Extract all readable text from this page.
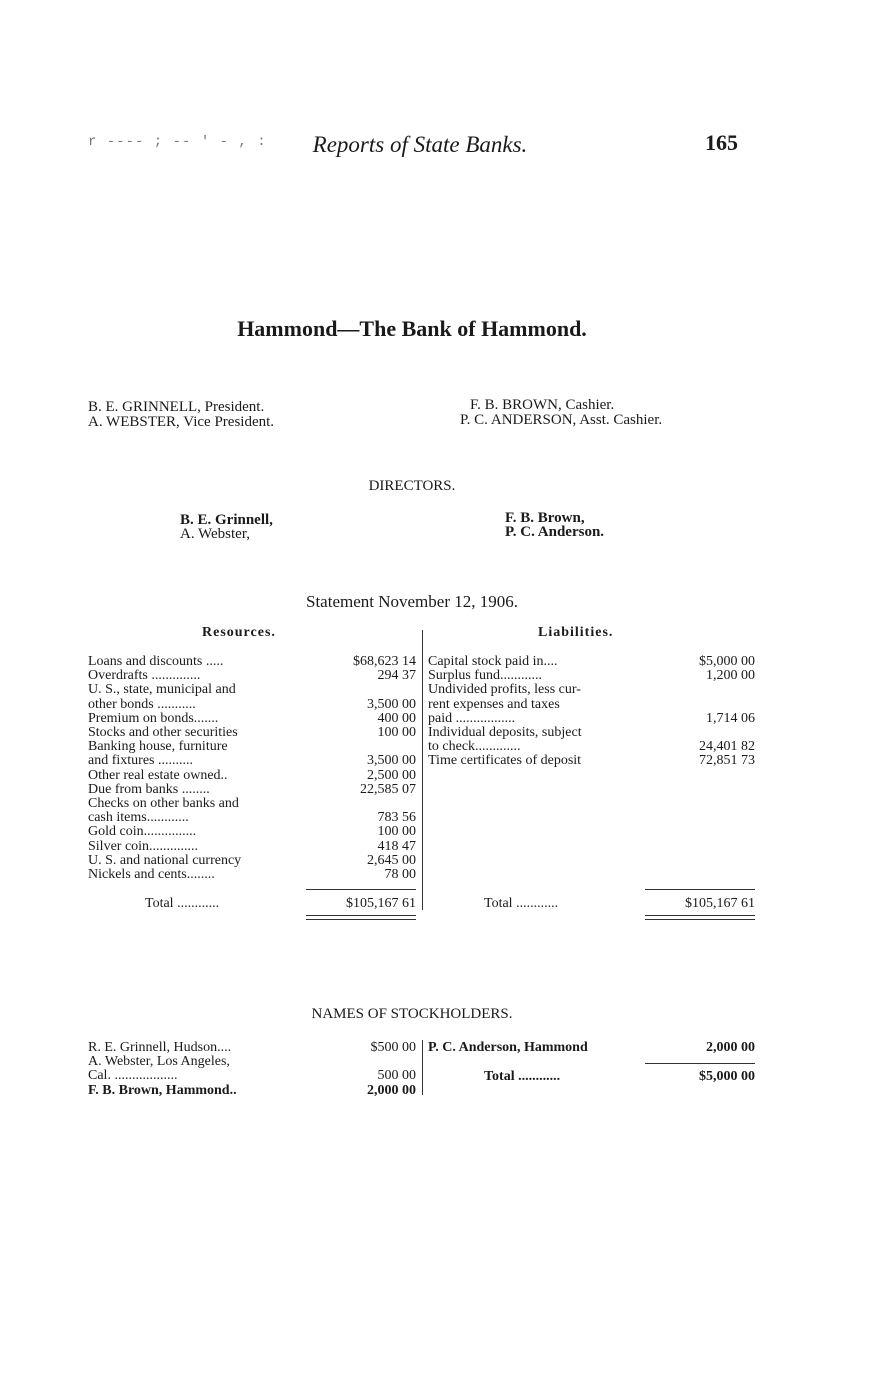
r ---- ; -- ' - , :	Reports of State Banks.	165
Hammond—The Bank of Hammond.
B. E. GRINNELL, President.
A. WEBSTER, Vice President.
F. B. BROWN, Cashier.
P. C. ANDERSON, Asst. Cashier.
DIRECTORS.
B. E. Grinnell,
A. Webster,
F. B. Brown,
P. C. Anderson.
Statement November 12, 1906.
Resources.	Liabilities.
Loans and discounts .....	$68,623 14
Overdrafts ..............	294 37
U. S., state, municipal and
other bonds ...........	3,500 00
Premium on bonds.......	400 00
Stocks and other securities	100 00
Banking house, furniture
and fixtures ..........	3,500 00
Other real estate owned..	2,500 00
Due from banks ........	22,585 07
Checks on other banks and
cash items............	783 56
Gold coin...............	100 00
Silver coin..............	418 47
U. S. and national currency	2,645 00
Nickels and cents........	78 00
Capital stock paid in....	$5,000 00
Surplus fund............	1,200 00
Undivided profits, less cur-
rent expenses and taxes
paid .................	1,714 06
Individual deposits, subject
to check.............	24,401 82
Time certificates of deposit	72,851 73
Total ............	$105,167 61	Total ............	$105,167 61
NAMES OF STOCKHOLDERS.
R. E. Grinnell, Hudson....	$500 00
A. Webster, Los Angeles,
Cal. ..................	500 00
F. B. Brown, Hammond..	2,000 00
P. C. Anderson, Hammond	2,000 00
Total ............	$5,000 00
